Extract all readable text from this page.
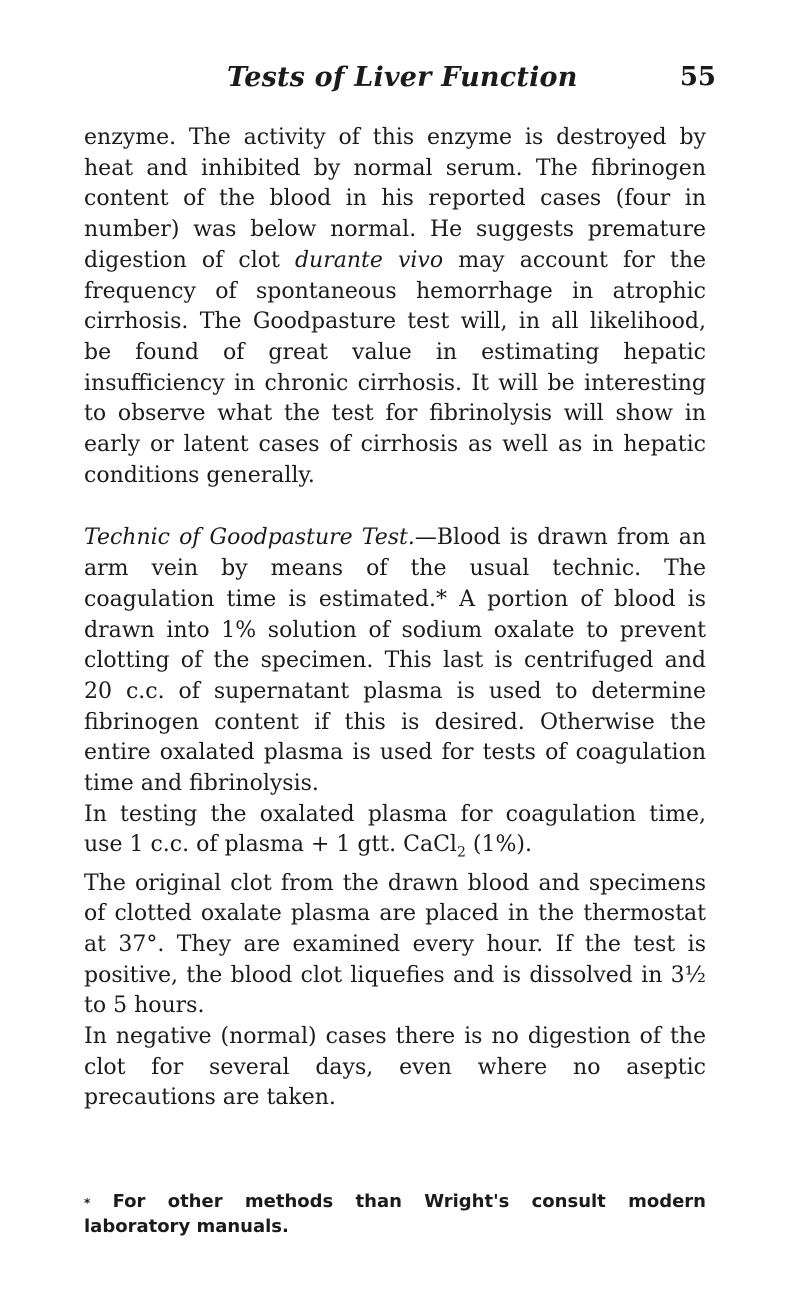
Tests of Liver Function	55

enzyme. The activity of this enzyme is destroyed by heat and inhibited by normal serum. The fibrinogen content of the blood in his reported cases (four in number) was below normal. He suggests premature digestion of clot durante vivo may account for the frequency of spontaneous hemorrhage in atrophic cirrhosis. The Goodpasture test will, in all likelihood, be found of great value in estimating hepatic insufficiency in chronic cirrhosis. It will be interesting to observe what the test for fibrinolysis will show in early or latent cases of cirrhosis as well as in hepatic conditions generally.

Technic of Goodpasture Test.—Blood is drawn from an arm vein by means of the usual technic. The coagulation time is estimated.* A portion of blood is drawn into 1% solution of sodium oxalate to prevent clotting of the specimen. This last is centrifuged and 20 c.c. of supernatant plasma is used to determine fibrinogen content if this is desired. Otherwise the entire oxalated plasma is used for tests of coagulation time and fibrinolysis.

In testing the oxalated plasma for coagulation time, use 1 c.c. of plasma + 1 gtt. CaCl$_2$ (1%).

The original clot from the drawn blood and specimens of clotted oxalate plasma are placed in the thermostat at 37°. They are examined every hour. If the test is positive, the blood clot liquefies and is dissolved in 3½ to 5 hours.

In negative (normal) cases there is no digestion of the clot for several days, even where no aseptic precautions are taken.

* For other methods than Wright's consult modern laboratory manuals.
